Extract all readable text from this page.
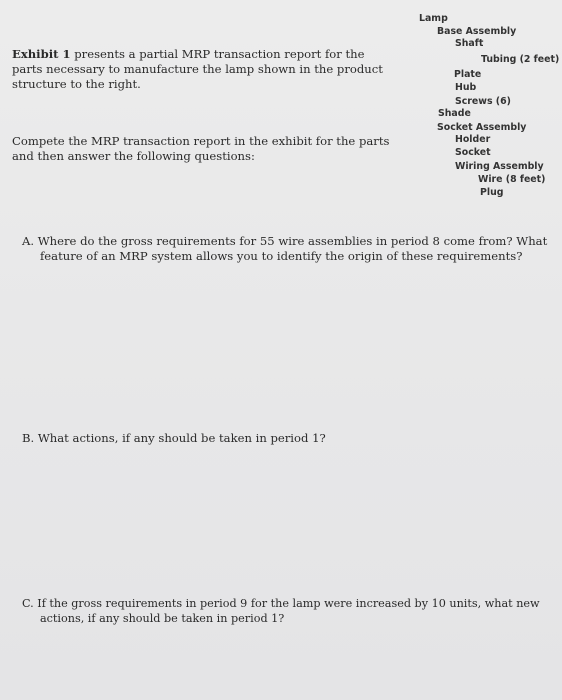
Exhibit 1 presents a partial MRP transaction report for the parts necessary to manufacture the lamp shown in the product structure to the right.

Compete the MRP transaction report in the exhibit for the parts and then answer the following questions:

Lamp
Base Assembly
Shaft
Tubing (2 feet)
Plate
Hub
Screws (6)
Shade
Socket Assembly
Holder
Socket
Wiring Assembly
Wire (8 feet)
Plug

A. Where do the gross requirements for 55 wire assemblies in period 8 come from? What feature of an MRP system allows you to identify the origin of these requirements?

B. What actions, if any should be taken in period 1?

C. If the gross requirements in period 9 for the lamp were increased by 10 units, what new actions, if any should be taken in period 1?
